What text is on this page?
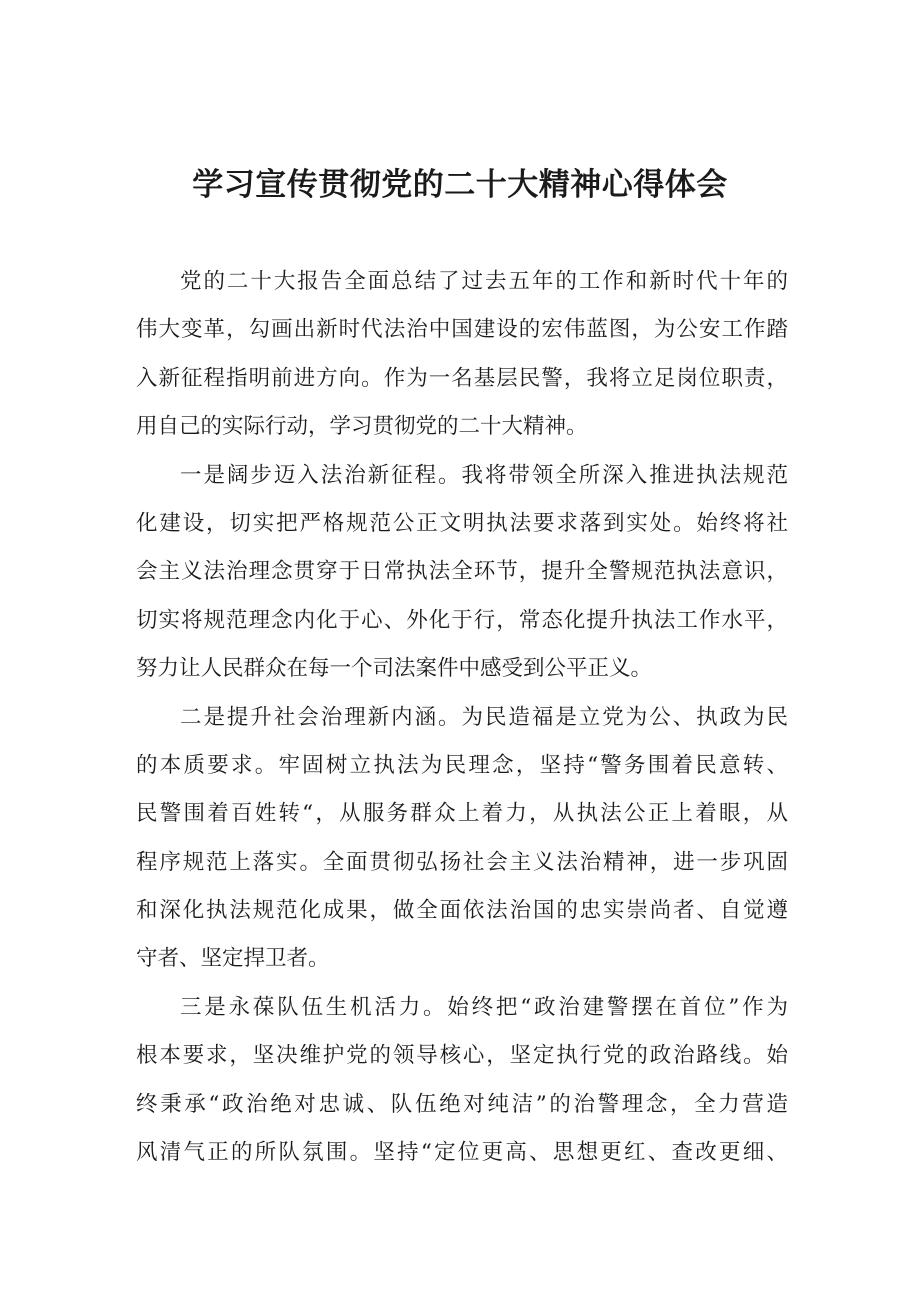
学习宣传贯彻党的二十大精神心得体会
党的二十大报告全面总结了过去五年的工作和新时代十年的
伟大变革，勾画出新时代法治中国建设的宏伟蓝图，为公安工作踏
入新征程指明前进方向。作为一名基层民警，我将立足岗位职责，
用自己的实际行动，学习贯彻党的二十大精神。
一是阔步迈入法治新征程。我将带领全所深入推进执法规范
化建设，切实把严格规范公正文明执法要求落到实处。始终将社
会主义法治理念贯穿于日常执法全环节，提升全警规范执法意识，
切实将规范理念内化于心、外化于行，常态化提升执法工作水平，
努力让人民群众在每一个司法案件中感受到公平正义。
二是提升社会治理新内涵。为民造福是立党为公、执政为民
的本质要求。牢固树立执法为民理念，坚持“警务围着民意转、
民警围着百姓转“，从服务群众上着力，从执法公正上着眼，从
程序规范上落实。全面贯彻弘扬社会主义法治精神，进一步巩固
和深化执法规范化成果，做全面依法治国的忠实崇尚者、自觉遵
守者、坚定捍卫者。
三是永葆队伍生机活力。始终把“政治建警摆在首位”作为
根本要求，坚决维护党的领导核心，坚定执行党的政治路线。始
终秉承“政治绝对忠诚、队伍绝对纯洁”的治警理念，全力营造
风清气正的所队氛围。坚持“定位更高、思想更红、查改更细、
